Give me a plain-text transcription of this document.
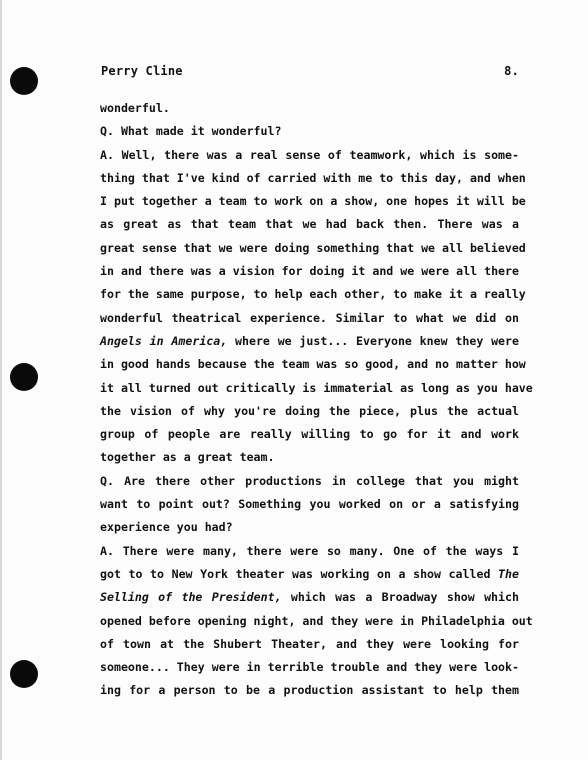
Perry Cline	8.
wonderful.
Q. What made it wonderful?
A. Well, there was a real sense of teamwork, which is some-
thing that I've kind of carried with me to this day, and when
I put together a team to work on a show, one hopes it will be
as great as that team that we had back then. There was a
great sense that we were doing something that we all believed
in and there was a vision for doing it and we were all there
for the same purpose, to help each other, to make it a really
wonderful theatrical experience. Similar to what we did on
Angels in America, where we just... Everyone knew they were
in good hands because the team was so good, and no matter how
it all turned out critically is immaterial as long as you have
the vision of why you're doing the piece, plus the actual
group of people are really willing to go for it and work
together as a great team.
Q. Are there other productions in college that you might
want to point out? Something you worked on or a satisfying
experience you had?
A. There were many, there were so many. One of the ways I
got to to New York theater was working on a show called The
Selling of the President, which was a Broadway show which
opened before opening night, and they were in Philadelphia out
of town at the Shubert Theater, and they were looking for
someone... They were in terrible trouble and they were look-
ing for a person to be a production assistant to help them
